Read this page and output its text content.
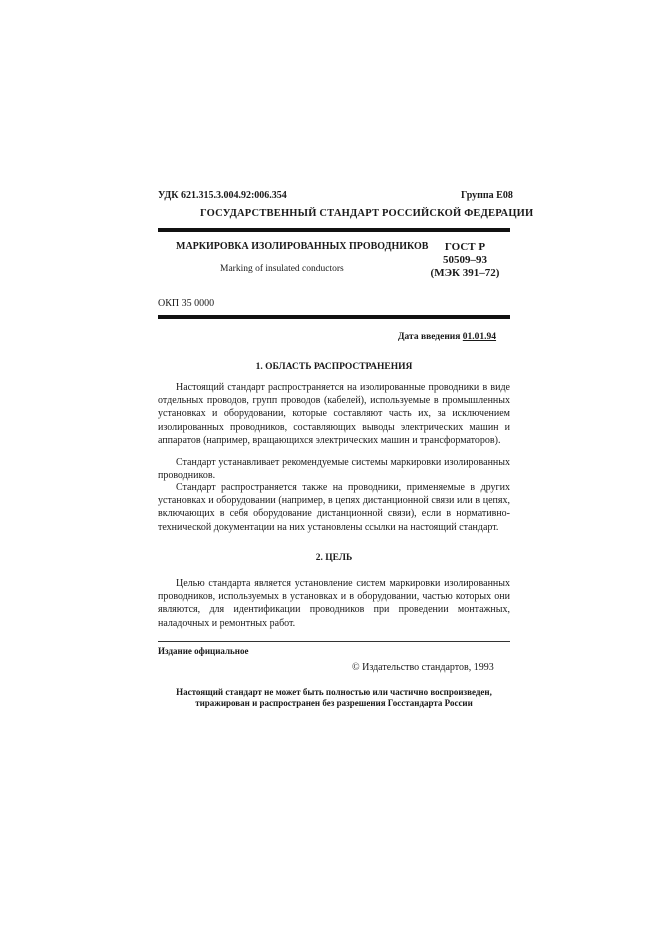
УДК 621.315.3.004.92:006.354	Группа Е08
ГОСУДАРСТВЕННЫЙ СТАНДАРТ РОССИЙСКОЙ ФЕДЕРАЦИИ
МАРКИРОВКА ИЗОЛИРОВАННЫХ ПРОВОДНИКОВ
Marking of insulated conductors
ГОСТ Р
50509–93
(МЭК 391–72)
ОКП 35 0000
Дата введения 01.01.94
1. ОБЛАСТЬ РАСПРОСТРАНЕНИЯ
Настоящий стандарт распространяется на изолированные проводники в виде отдельных проводов, групп проводов (кабелей), используемые в промышленных установках и оборудовании, которые составляют часть их, за исключением изолированных проводников, составляющих выводы электрических машин и аппаратов (например, вращающихся электрических машин и трансформаторов).
Стандарт устанавливает рекомендуемые системы маркировки изолированных проводников.
Стандарт распространяется также на проводники, применяемые в других установках и оборудовании (например, в цепях дистанционной связи или в цепях, включающих в себя оборудование дистанционной связи), если в нормативно-технической документации на них установлены ссылки на настоящий стандарт.
2. ЦЕЛЬ
Целью стандарта является установление систем маркировки изолированных проводников, используемых в установках и в оборудовании, частью которых они являются, для идентификации проводников при проведении монтажных, наладочных и ремонтных работ.
Издание официальное
© Издательство стандартов, 1993
Настоящий стандарт не может быть полностью или частично воспроизведен, тиражирован и распространен без разрешения Госстандарта России
